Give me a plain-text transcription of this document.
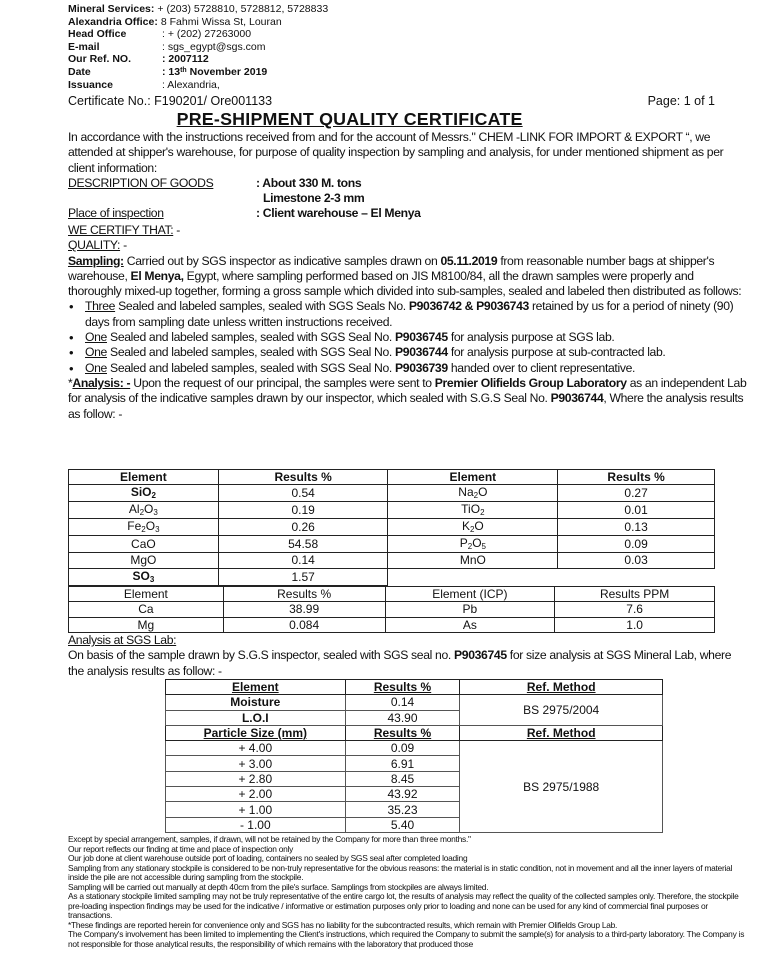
Mineral Services: + (203) 5728810, 5728812, 5728833
Alexandria Office: 8 Fahmi Wissa St, Louran
Head Office	: + (202) 27263000
E-mail	: sgs_egypt@sgs.com
Our Ref. NO.	: 2007112
Date	: 13th November 2019
Issuance	: Alexandria,
Certificate No.: F190201/ Ore001133	Page: 1 of 1
PRE-SHIPMENT QUALITY CERTIFICATE

In accordance with the instructions received from and for the account of Messrs." CHEM -LINK FOR IMPORT & EXPORT “, we attended at shipper's warehouse, for purpose of quality inspection by sampling and analysis, for under mentioned shipment as per client information:

DESCRIPTION OF GOODS	: About 330 M. tons
Limestone 2-3 mm
Place of inspection	: Client warehouse – El Menya

WE CERTIFY THAT: -

QUALITY: -

Sampling: Carried out by SGS inspector as indicative samples drawn on 05.11.2019 from reasonable number bags at shipper's warehouse, El Menya, Egypt, where sampling performed based on JIS M8100/84, all the drawn samples were properly and thoroughly mixed-up together, forming a gross sample which divided into sub-samples, sealed and labeled then distributed as follows:

• Three Sealed and labeled samples, sealed with SGS Seals No. P9036742 & P9036743 retained by us for a period of ninety (90) days from sampling date unless written instructions received.
• One Sealed and labeled samples, sealed with SGS Seal No. P9036745 for analysis purpose at SGS lab.
• One Sealed and labeled samples, sealed with SGS Seal No. P9036744 for analysis purpose at sub-contracted lab.
• One Sealed and labeled samples, sealed with SGS Seal No. P9036739 handed over to client representative.

*Analysis: - Upon the request of our principal, the samples were sent to Premier Olifields Group Laboratory as an independent Lab for analysis of the indicative samples drawn by our inspector, which sealed with S.G.S Seal No. P9036744, Where the analysis results as follow: -

Element	Results %	Element	Results %
SiO$_2$	0.54	$Na_2O$	0.27
$Al_2O_3$	0.19	TiO$_2$	0.01
$Fe_2O_3$	0.26	$K_2O$	0.13
CaO	54.58	$P_2O_5$	0.09
MgO	0.14	MnO	0.03
$SO_3$	1.57		
Element	Results %	Element (ICP)	Results PPM
Ca	38.99	Pb	7.6
Mg	0.084	As	1.0

Analysis at SGS Lab:

On basis of the sample drawn by S.G.S inspector, sealed with SGS seal no. P9036745 for size analysis at SGS Mineral Lab, where the analysis results as follow: -

Element	Results %	Ref. Method
Moisture	0.14	BS 2975/2004
L.O.I	43.90	
Particle Size (mm)	Results %	Ref. Method
+ 4.00	0.09	BS 2975/1988
+ 3.00	6.91	
+ 2.80	8.45	
+ 2.00	43.92	
+ 1.00	35.23	
- 1.00	5.40	

Except by special arrangement, samples, if drawn, will not be retained by the Company for more than three months."

Our report reflects our finding at time and place of inspection only

Our job done at client warehouse outside port of loading, containers no sealed by SGS seal after completed loading

Sampling from any stationary stockpile is considered to be non-truly representative for the obvious reasons: the material is in static condition, not in movement and all the inner layers of material inside the pile are not accessible during sampling from the stockpile.

Sampling will be carried out manually at depth 40cm from the pile's surface. Samplings from stockpiles are always limited.

As a stationary stockpile limited sampling may not be truly representative of the entire cargo lot, the results of analysis may reflect the quality of the collected samples only. Therefore, the stockpile pre-loading inspection findings may be used for the indicative / informative or estimation purposes only prior to loading and none can be used for any kind of commercial final purposes or transactions.

*These findings are reported herein for convenience only and SGS has no liability for the subcontracted results, which remain with Premier Olifields Group Lab.

The Company's involvement has been limited to implementing the Client's instructions, which required the Company to submit the sample(s) for analysis to a third-party laboratory. The Company is not responsible for those analytical results, the responsibility of which remains with the laboratory that produced those
